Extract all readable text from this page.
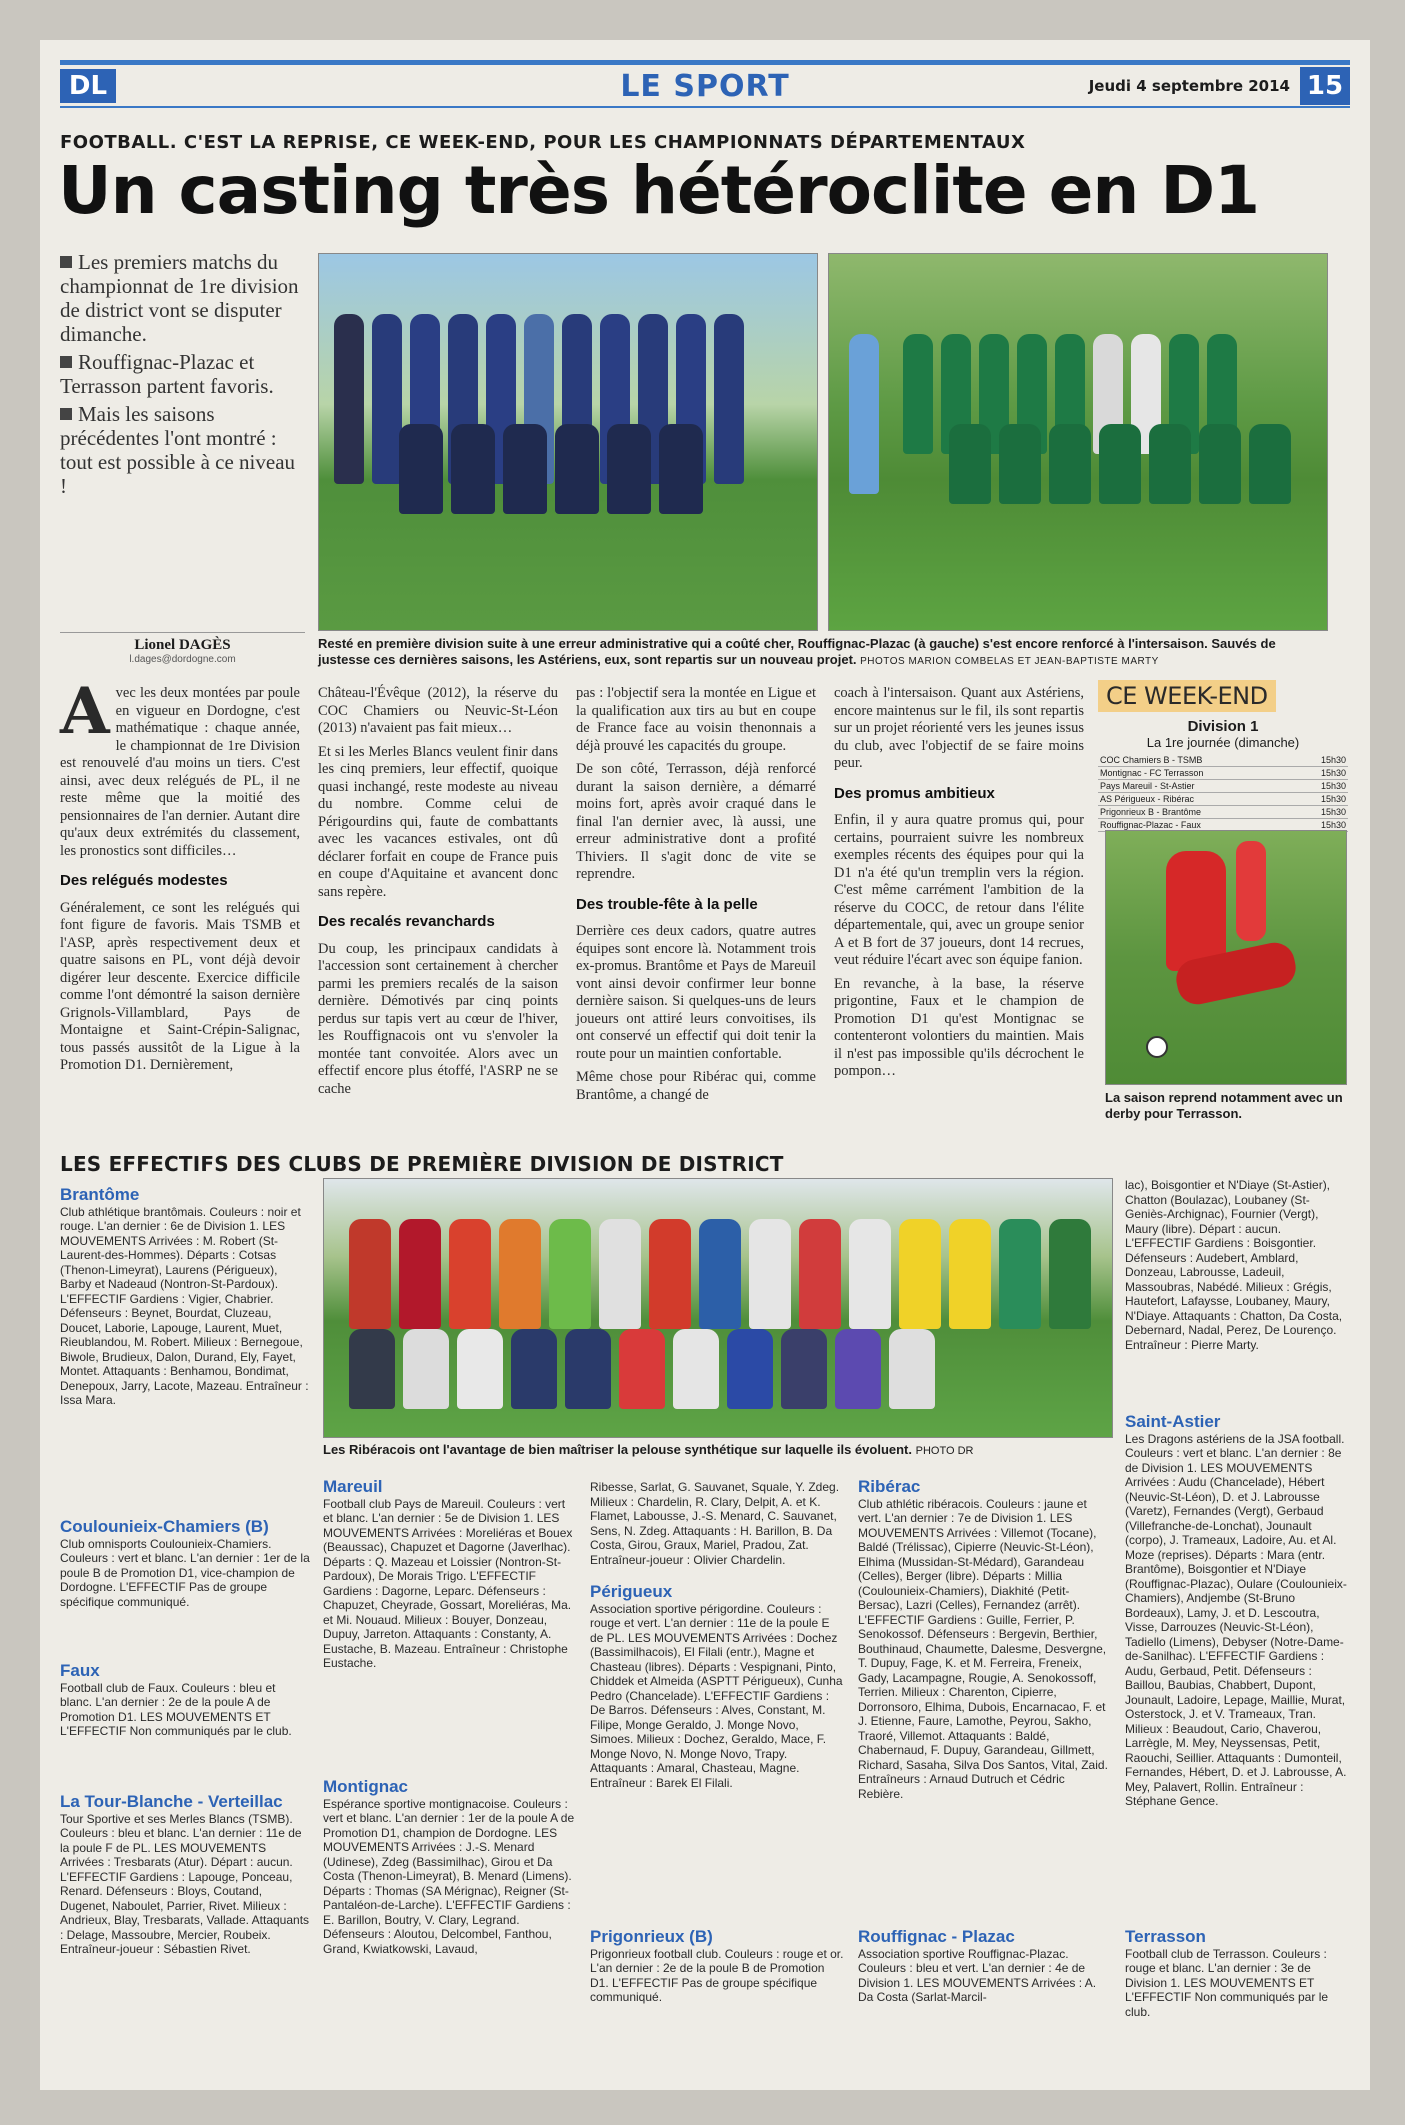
DL	LE SPORT	Jeudi 4 septembre 2014 15
FOOTBALL. C'EST LA REPRISE, CE WEEK-END, POUR LES CHAMPIONNATS DÉPARTEMENTAUX
Un casting très hétéroclite en D1

Les premiers matchs du championnat de 1re division de district vont se disputer dimanche.

Rouffignac-Plazac et Terrasson partent favoris.

Mais les saisons précédentes l'ont montré : tout est possible à ce niveau !

Lionel DAGÈS
l.dages@dordogne.com
Resté en première division suite à une erreur administrative qui a coûté cher, Rouffignac-Plazac (à gauche) s'est encore renforcé à l'intersaison. Sauvés de justesse ces dernières saisons, les Astériens, eux, sont repartis sur un nouveau projet. PHOTOS MARION COMBELAS ET JEAN-BAPTISTE MARTY

Avec les deux montées par poule en vigueur en Dordogne, c'est mathématique : chaque année, le championnat de 1re Division est renouvelé d'au moins un tiers. C'est ainsi, avec deux relégués de PL, il ne reste même que la moitié des pensionnaires de l'an dernier. Autant dire qu'aux deux extrémités du classement, les pronostics sont difficiles…

Des relégués modestes

Généralement, ce sont les relégués qui font figure de favoris. Mais TSMB et l'ASP, après respectivement deux et quatre saisons en PL, vont déjà devoir digérer leur descente. Exercice difficile comme l'ont démontré la saison dernière Grignols-Villamblard, Pays de Montaigne et Saint-Crépin-Salignac, tous passés aussitôt de la Ligue à la Promotion D1. Dernièrement,

Château-l'Évêque (2012), la réserve du COC Chamiers ou Neuvic-St-Léon (2013) n'avaient pas fait mieux…

Et si les Merles Blancs veulent finir dans les cinq premiers, leur effectif, quoique quasi inchangé, reste modeste au niveau du nombre. Comme celui de Périgourdins qui, faute de combattants avec les vacances estivales, ont dû déclarer forfait en coupe de France puis en coupe d'Aquitaine et avancent donc sans repère.

Des recalés revanchards

Du coup, les principaux candidats à l'accession sont certainement à chercher parmi les premiers recalés de la saison dernière. Démotivés par cinq points perdus sur tapis vert au cœur de l'hiver, les Rouffignacois ont vu s'envoler la montée tant convoitée. Alors avec un effectif encore plus étoffé, l'ASRP ne se cache

pas : l'objectif sera la montée en Ligue et la qualification aux tirs au but en coupe de France face au voisin thenonnais a déjà prouvé les capacités du groupe.

De son côté, Terrasson, déjà renforcé durant la saison dernière, a démarré moins fort, après avoir craqué dans le final l'an dernier avec, là aussi, une erreur administrative dont a profité Thiviers. Il s'agit donc de vite se reprendre.

Des trouble-fête à la pelle

Derrière ces deux cadors, quatre autres équipes sont encore là. Notamment trois ex-promus. Brantôme et Pays de Mareuil vont ainsi devoir confirmer leur bonne dernière saison. Si quelques-uns de leurs joueurs ont attiré leurs convoitises, ils ont conservé un effectif qui doit tenir la route pour un maintien confortable.

Même chose pour Ribérac qui, comme Brantôme, a changé de

coach à l'intersaison. Quant aux Astériens, encore maintenus sur le fil, ils sont repartis sur un projet réorienté vers les jeunes issus du club, avec l'objectif de se faire moins peur.

Des promus ambitieux

Enfin, il y aura quatre promus qui, pour certains, pourraient suivre les nombreux exemples récents des équipes pour qui la D1 n'a été qu'un tremplin vers la région. C'est même carrément l'ambition de la réserve du COCC, de retour dans l'élite départementale, qui, avec un groupe senior A et B fort de 37 joueurs, dont 14 recrues, veut réduire l'écart avec son équipe fanion.

En revanche, à la base, la réserve prigontine, Faux et le champion de Promotion D1 qu'est Montignac se contenteront volontiers du maintien. Mais il n'est pas impossible qu'ils décrochent le pompon…

CE WEEK-END
Division 1
La 1re journée (dimanche)
COC Chamiers B - TSMB	15h30
Montignac - FC Terrasson	15h30
Pays Mareuil - St-Astier	15h30
AS Périgueux - Ribérac	15h30
Prigonrieux B - Brantôme	15h30
Rouffignac-Plazac - Faux	15h30
La saison reprend notamment avec un derby pour Terrasson.
LES EFFECTIFS DES CLUBS DE PREMIÈRE DIVISION DE DISTRICT
Les Ribéracois ont l'avantage de bien maîtriser la pelouse synthétique sur laquelle ils évoluent. PHOTO DR
Brantôme
Club athlétique brantômais. Couleurs : noir et rouge. L'an dernier : 6e de Division 1. LES MOUVEMENTS Arrivées : M. Robert (St-Laurent-des-Hommes). Départs : Cotsas (Thenon-Limeyrat), Laurens (Périgueux), Barby et Nadeaud (Nontron-St-Pardoux). L'EFFECTIF Gardiens : Vigier, Chabrier. Défenseurs : Beynet, Bourdat, Cluzeau, Doucet, Laborie, Lapouge, Laurent, Muet, Rieublandou, M. Robert. Milieux : Bernegoue, Biwole, Brudieux, Dalon, Durand, Ely, Fayet, Montet. Attaquants : Benhamou, Bondimat, Denepoux, Jarry, Lacote, Mazeau. Entraîneur : Issa Mara.
Coulounieix-Chamiers (B)
Club omnisports Coulounieix-Chamiers. Couleurs : vert et blanc. L'an dernier : 1er de la poule B de Promotion D1, vice-champion de Dordogne. L'EFFECTIF Pas de groupe spécifique communiqué.
Faux
Football club de Faux. Couleurs : bleu et blanc. L'an dernier : 2e de la poule A de Promotion D1. LES MOUVEMENTS ET L'EFFECTIF Non communiqués par le club.
La Tour-Blanche - Verteillac
Tour Sportive et ses Merles Blancs (TSMB). Couleurs : bleu et blanc. L'an dernier : 11e de la poule F de PL. LES MOUVEMENTS Arrivées : Tresbarats (Atur). Départ : aucun. L'EFFECTIF Gardiens : Lapouge, Ponceau, Renard. Défenseurs : Bloys, Coutand, Dugenet, Naboulet, Parrier, Rivet. Milieux : Andrieux, Blay, Tresbarats, Vallade. Attaquants : Delage, Massoubre, Mercier, Roubeix. Entraîneur-joueur : Sébastien Rivet.
Mareuil
Football club Pays de Mareuil. Couleurs : vert et blanc. L'an dernier : 5e de Division 1. LES MOUVEMENTS Arrivées : Moreliéras et Bouex (Beaussac), Chapuzet et Dagorne (Javerlhac). Départs : Q. Mazeau et Loissier (Nontron-St-Pardoux), De Morais Trigo. L'EFFECTIF Gardiens : Dagorne, Leparc. Défenseurs : Chapuzet, Cheyrade, Gossart, Moreliéras, Ma. et Mi. Nouaud. Milieux : Bouyer, Donzeau, Dupuy, Jarreton. Attaquants : Constanty, A. Eustache, B. Mazeau. Entraîneur : Christophe Eustache.
Montignac
Espérance sportive montignacoise. Couleurs : vert et blanc. L'an dernier : 1er de la poule A de Promotion D1, champion de Dordogne. LES MOUVEMENTS Arrivées : J.-S. Menard (Udinese), Zdeg (Bassimilhac), Girou et Da Costa (Thenon-Limeyrat), B. Menard (Limens). Départs : Thomas (SA Mérignac), Reigner (St-Pantaléon-de-Larche). L'EFFECTIF Gardiens : E. Barillon, Boutry, V. Clary, Legrand. Défenseurs : Aloutou, Delcombel, Fanthou, Grand, Kwiatkowski, Lavaud,
Ribesse, Sarlat, G. Sauvanet, Squale, Y. Zdeg. Milieux : Chardelin, R. Clary, Delpit, A. et K. Flamet, Labousse, J.-S. Menard, C. Sauvanet, Sens, N. Zdeg. Attaquants : H. Barillon, B. Da Costa, Girou, Graux, Mariel, Pradou, Zat. Entraîneur-joueur : Olivier Chardelin.
Périgueux
Association sportive périgordine. Couleurs : rouge et vert. L'an dernier : 11e de la poule E de PL. LES MOUVEMENTS Arrivées : Dochez (Bassimilhacois), El Filali (entr.), Magne et Chasteau (libres). Départs : Vespignani, Pinto, Chiddek et Almeida (ASPTT Périgueux), Cunha Pedro (Chancelade). L'EFFECTIF Gardiens : De Barros. Défenseurs : Alves, Constant, M. Filipe, Monge Geraldo, J. Monge Novo, Simoes. Milieux : Dochez, Geraldo, Mace, F. Monge Novo, N. Monge Novo, Trapy. Attaquants : Amaral, Chasteau, Magne. Entraîneur : Barek El Filali.
Prigonrieux (B)
Prigonrieux football club. Couleurs : rouge et or. L'an dernier : 2e de la poule B de Promotion D1. L'EFFECTIF Pas de groupe spécifique communiqué.
Ribérac
Club athlétic ribéracois. Couleurs : jaune et vert. L'an dernier : 7e de Division 1. LES MOUVEMENTS Arrivées : Villemot (Tocane), Baldé (Trélissac), Cipierre (Neuvic-St-Léon), Elhima (Mussidan-St-Médard), Garandeau (Celles), Berger (libre). Départs : Millia (Coulounieix-Chamiers), Diakhité (Petit-Bersac), Lazri (Celles), Fernandez (arrêt). L'EFFECTIF Gardiens : Guille, Ferrier, P. Senokossof. Défenseurs : Bergevin, Berthier, Bouthinaud, Chaumette, Dalesme, Desvergne, T. Dupuy, Fage, K. et M. Ferreira, Freneix, Gady, Lacampagne, Rougie, A. Senokossoff, Terrien. Milieux : Charenton, Cipierre, Dorronsoro, Elhima, Dubois, Encarnacao, F. et J. Etienne, Faure, Lamothe, Peyrou, Sakho, Traoré, Villemot. Attaquants : Baldé, Chabernaud, F. Dupuy, Garandeau, Gillmett, Richard, Sasaha, Silva Dos Santos, Vital, Zaid. Entraîneurs : Arnaud Dutruch et Cédric Rebière.
Rouffignac - Plazac
Association sportive Rouffignac-Plazac. Couleurs : bleu et vert. L'an dernier : 4e de Division 1. LES MOUVEMENTS Arrivées : A. Da Costa (Sarlat-Marcil-
lac), Boisgontier et N'Diaye (St-Astier), Chatton (Boulazac), Loubaney (St-Geniès-Archignac), Fournier (Vergt), Maury (libre). Départ : aucun. L'EFFECTIF Gardiens : Boisgontier. Défenseurs : Audebert, Amblard, Donzeau, Labrousse, Ladeuil, Massoubras, Nabédé. Milieux : Grégis, Hautefort, Lafaysse, Loubaney, Maury, N'Diaye. Attaquants : Chatton, Da Costa, Debernard, Nadal, Perez, De Lourenço. Entraîneur : Pierre Marty.
Saint-Astier
Les Dragons astériens de la JSA football. Couleurs : vert et blanc. L'an dernier : 8e de Division 1. LES MOUVEMENTS Arrivées : Audu (Chancelade), Hébert (Neuvic-St-Léon), D. et J. Labrousse (Varetz), Fernandes (Vergt), Gerbaud (Villefranche-de-Lonchat), Jounault (corpo), J. Trameaux, Ladoire, Au. et Al. Moze (reprises). Départs : Mara (entr. Brantôme), Boisgontier et N'Diaye (Rouffignac-Plazac), Oulare (Coulounieix-Chamiers), Andjembe (St-Bruno Bordeaux), Lamy, J. et D. Lescoutra, Visse, Darrouzes (Neuvic-St-Léon), Tadiello (Limens), Debyser (Notre-Dame-de-Sanilhac). L'EFFECTIF Gardiens : Audu, Gerbaud, Petit. Défenseurs : Baillou, Baubias, Chabbert, Dupont, Jounault, Ladoire, Lepage, Maillie, Murat, Osterstock, J. et V. Trameaux, Tran. Milieux : Beaudout, Cario, Chaverou, Larrègle, M. Mey, Neyssensas, Petit, Raouchi, Seillier. Attaquants : Dumonteil, Fernandes, Hébert, D. et J. Labrousse, A. Mey, Palavert, Rollin. Entraîneur : Stéphane Gence.
Terrasson
Football club de Terrasson. Couleurs : rouge et blanc. L'an dernier : 3e de Division 1. LES MOUVEMENTS ET L'EFFECTIF Non communiqués par le club.
